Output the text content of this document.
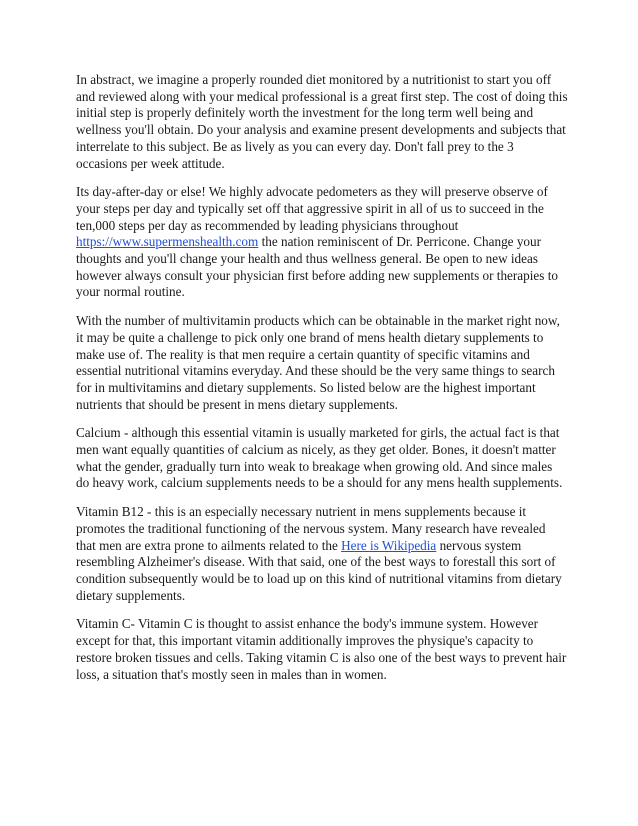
In abstract, we imagine a properly rounded diet monitored by a nutritionist to start you off and reviewed along with your medical professional is a great first step. The cost of doing this initial step is properly definitely worth the investment for the long term well being and wellness you'll obtain. Do your analysis and examine present developments and subjects that interrelate to this subject. Be as lively as you can every day. Don't fall prey to the 3 occasions per week attitude.

Its day-after-day or else! We highly advocate pedometers as they will preserve observe of your steps per day and typically set off that aggressive spirit in all of us to succeed in the ten,000 steps per day as recommended by leading physicians throughout https://www.supermenshealth.com the nation reminiscent of Dr. Perricone. Change your thoughts and you'll change your health and thus wellness general. Be open to new ideas however always consult your physician first before adding new supplements or therapies to your normal routine.

With the number of multivitamin products which can be obtainable in the market right now, it may be quite a challenge to pick only one brand of mens health dietary supplements to make use of. The reality is that men require a certain quantity of specific vitamins and essential nutritional vitamins everyday. And these should be the very same things to search for in multivitamins and dietary supplements. So listed below are the highest important nutrients that should be present in mens dietary supplements.

Calcium - although this essential vitamin is usually marketed for girls, the actual fact is that men want equally quantities of calcium as nicely, as they get older. Bones, it doesn't matter what the gender, gradually turn into weak to breakage when growing old. And since males do heavy work, calcium supplements needs to be a should for any mens health supplements.

Vitamin B12 - this is an especially necessary nutrient in mens supplements because it promotes the traditional functioning of the nervous system. Many research have revealed that men are extra prone to ailments related to the Here is Wikipedia nervous system resembling Alzheimer's disease. With that said, one of the best ways to forestall this sort of condition subsequently would be to load up on this kind of nutritional vitamins from dietary dietary supplements.

Vitamin C- Vitamin C is thought to assist enhance the body's immune system. However except for that, this important vitamin additionally improves the physique's capacity to restore broken tissues and cells. Taking vitamin C is also one of the best ways to prevent hair loss, a situation that's mostly seen in males than in women.
